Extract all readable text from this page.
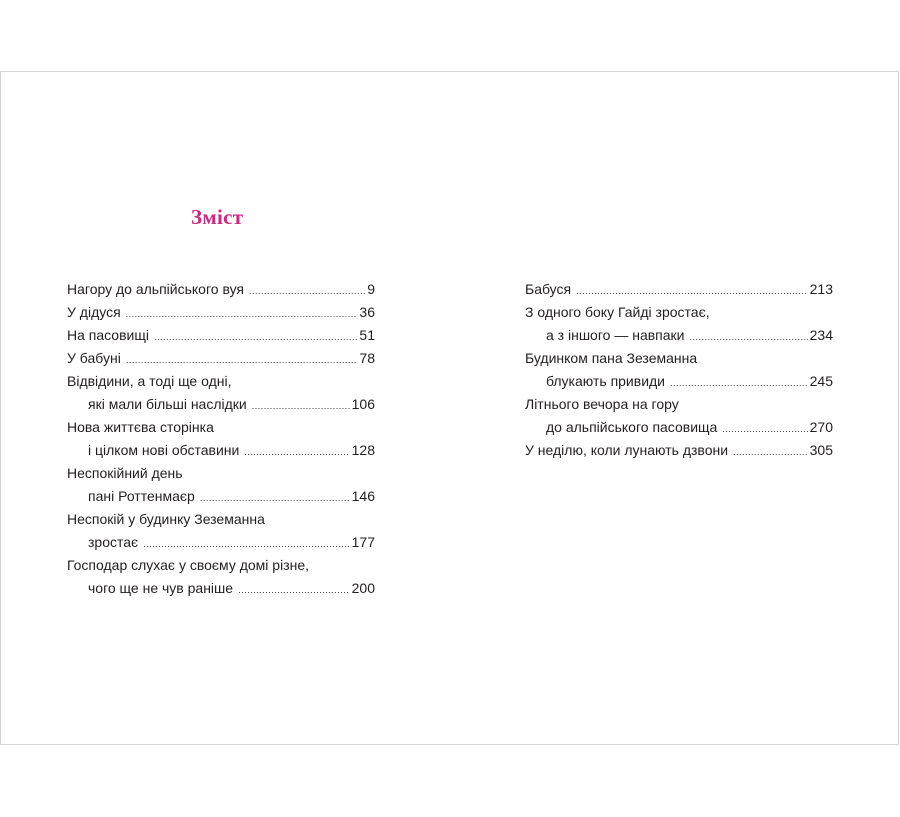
Зміст
Нагору до альпійського вуя .....	9
У дідуся .....	36
На пасовищі .....	51
У бабуні .....	78
Відвідини, а тоді ще одні,
які мали більші наслідки .....	106
Нова життєва сторінка
і цілком нові обставини .....	128
Неспокійний день
пані Роттенмаєр .....	146
Неспокій у будинку Зеземанна
зростає .....	177
Господар слухає у своєму домі різне,
чого ще не чув раніше .....	200
Бабуся .....	213
З одного боку Гайді зростає,
а з іншого — навпаки .....	234
Будинком пана Зеземанна
блукають привиди .....	245
Літнього вечора на гору
до альпійського пасовища .....	270
У неділю, коли лунають дзвони .....	305
